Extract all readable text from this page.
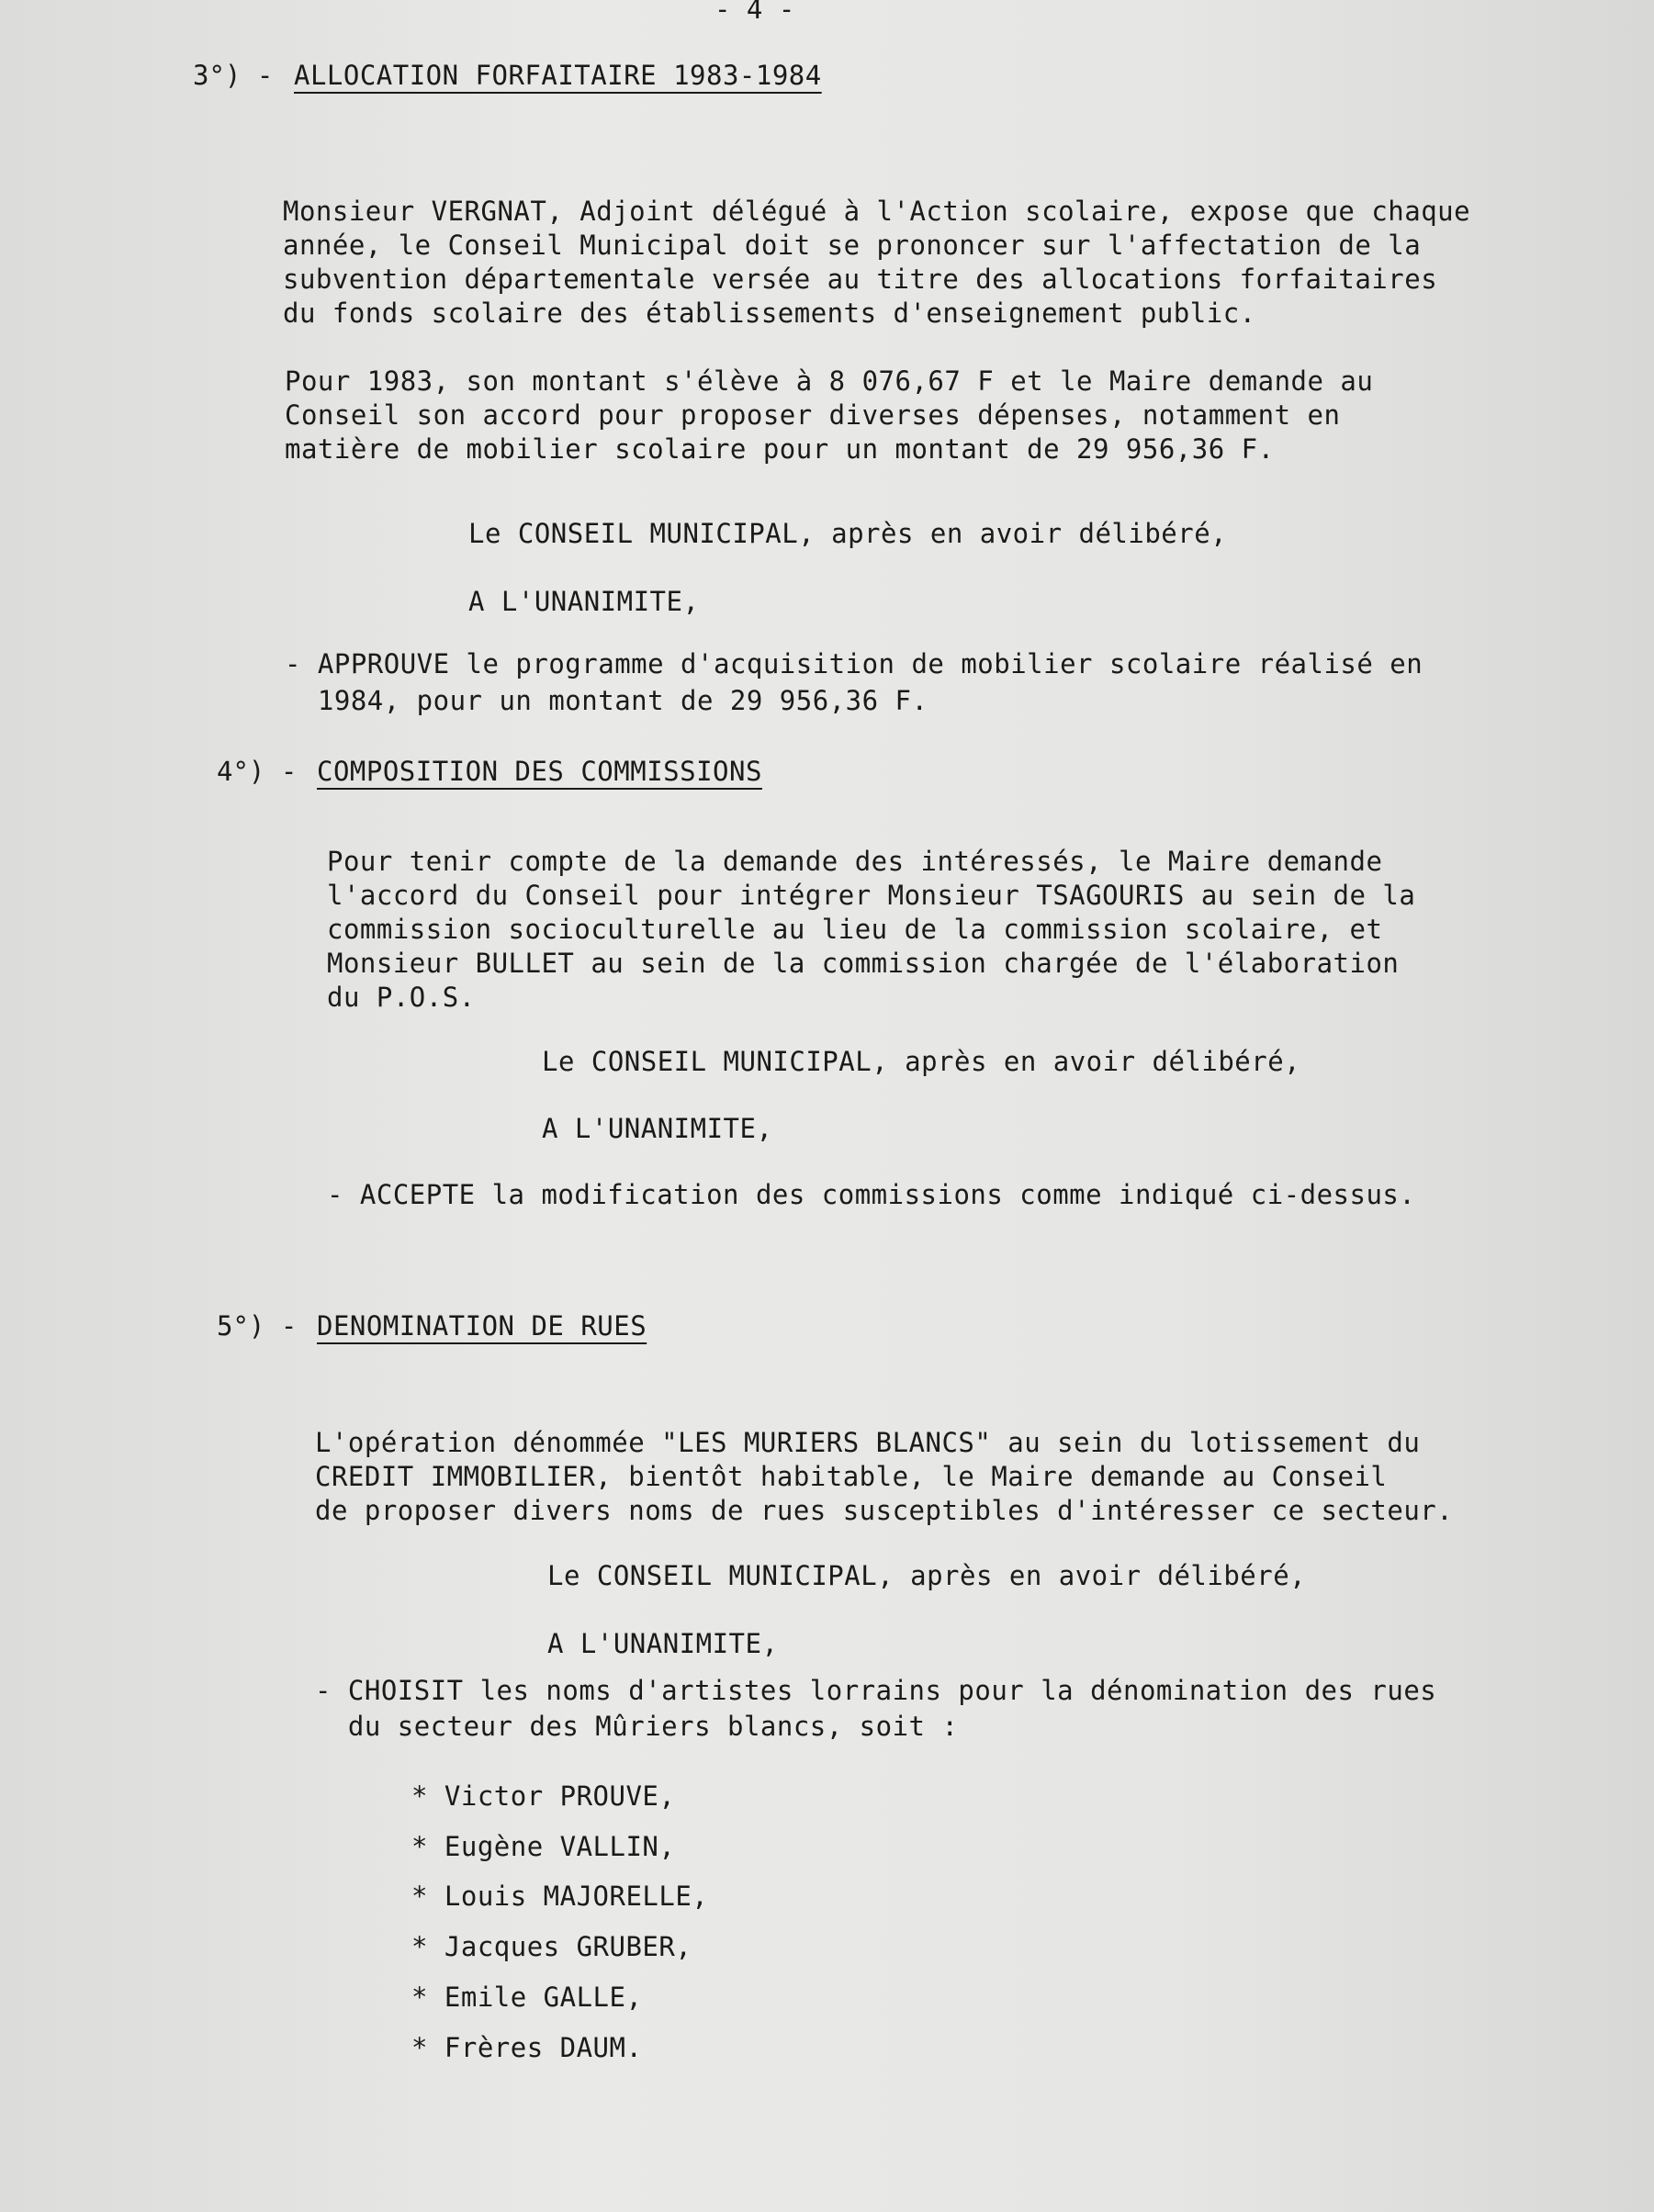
- 4 -
3°) - ALLOCATION FORFAITAIRE 1983-1984
Monsieur VERGNAT, Adjoint délégué à l'Action scolaire, expose que chaque
année, le Conseil Municipal doit se prononcer sur l'affectation de la
subvention départementale versée au titre des allocations forfaitaires
du fonds scolaire des établissements d'enseignement public.
Pour 1983, son montant s'élève à 8 076,67 F et le Maire demande au
Conseil son accord pour proposer diverses dépenses, notamment en
matière de mobilier scolaire pour un montant de 29 956,36 F.
Le CONSEIL MUNICIPAL, après en avoir délibéré,
A L'UNANIMITE,
- APPROUVE le programme d'acquisition de mobilier scolaire réalisé en
1984, pour un montant de 29 956,36 F.
4°) - COMPOSITION DES COMMISSIONS
Pour tenir compte de la demande des intéressés, le Maire demande
l'accord du Conseil pour intégrer Monsieur TSAGOURIS au sein de la
commission socioculturelle au lieu de la commission scolaire, et
Monsieur BULLET au sein de la commission chargée de l'élaboration
du P.O.S.
Le CONSEIL MUNICIPAL, après en avoir délibéré,
A L'UNANIMITE,
- ACCEPTE la modification des commissions comme indiqué ci-dessus.
5°) - DENOMINATION DE RUES
L'opération dénommée "LES MURIERS BLANCS" au sein du lotissement du
CREDIT IMMOBILIER, bientôt habitable, le Maire demande au Conseil
de proposer divers noms de rues susceptibles d'intéresser ce secteur.
Le CONSEIL MUNICIPAL, après en avoir délibéré,
A L'UNANIMITE,
- CHOISIT les noms d'artistes lorrains pour la dénomination des rues
du secteur des Mûriers blancs, soit :
* Victor PROUVE,
* Eugène VALLIN,
* Louis MAJORELLE,
* Jacques GRUBER,
* Emile GALLE,
* Frères DAUM.
